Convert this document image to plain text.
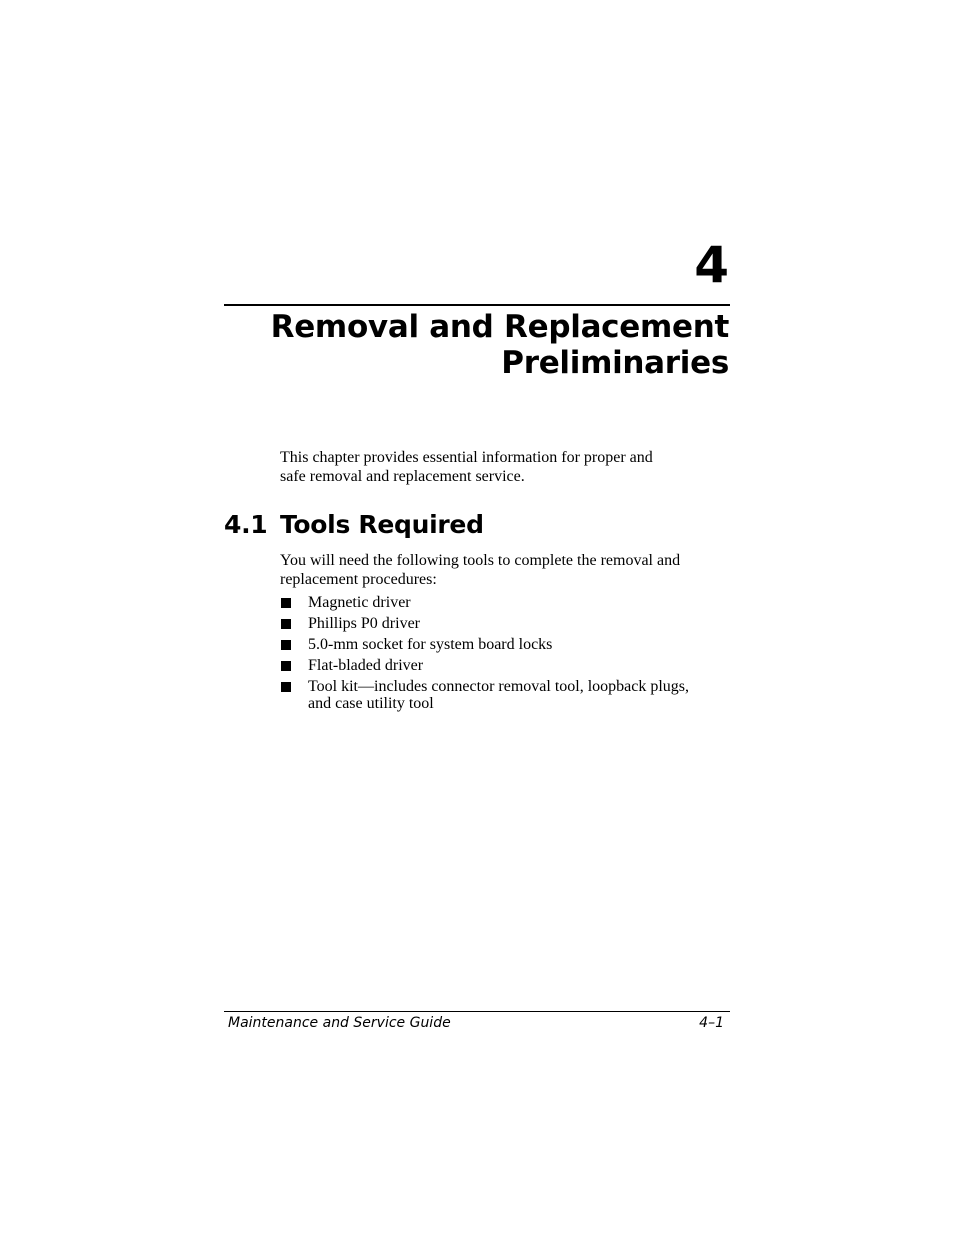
4
Removal and Replacement
Preliminaries

This chapter provides essential information for proper and
safe removal and replacement service.

4.1 Tools Required

You will need the following tools to complete the removal and
replacement procedures:

Magnetic driver
Phillips P0 driver
5.0-mm socket for system board locks
Flat-bladed driver
Tool kit—includes connector removal tool, loopback plugs,
and case utility tool
Maintenance and Service Guide	4–1
